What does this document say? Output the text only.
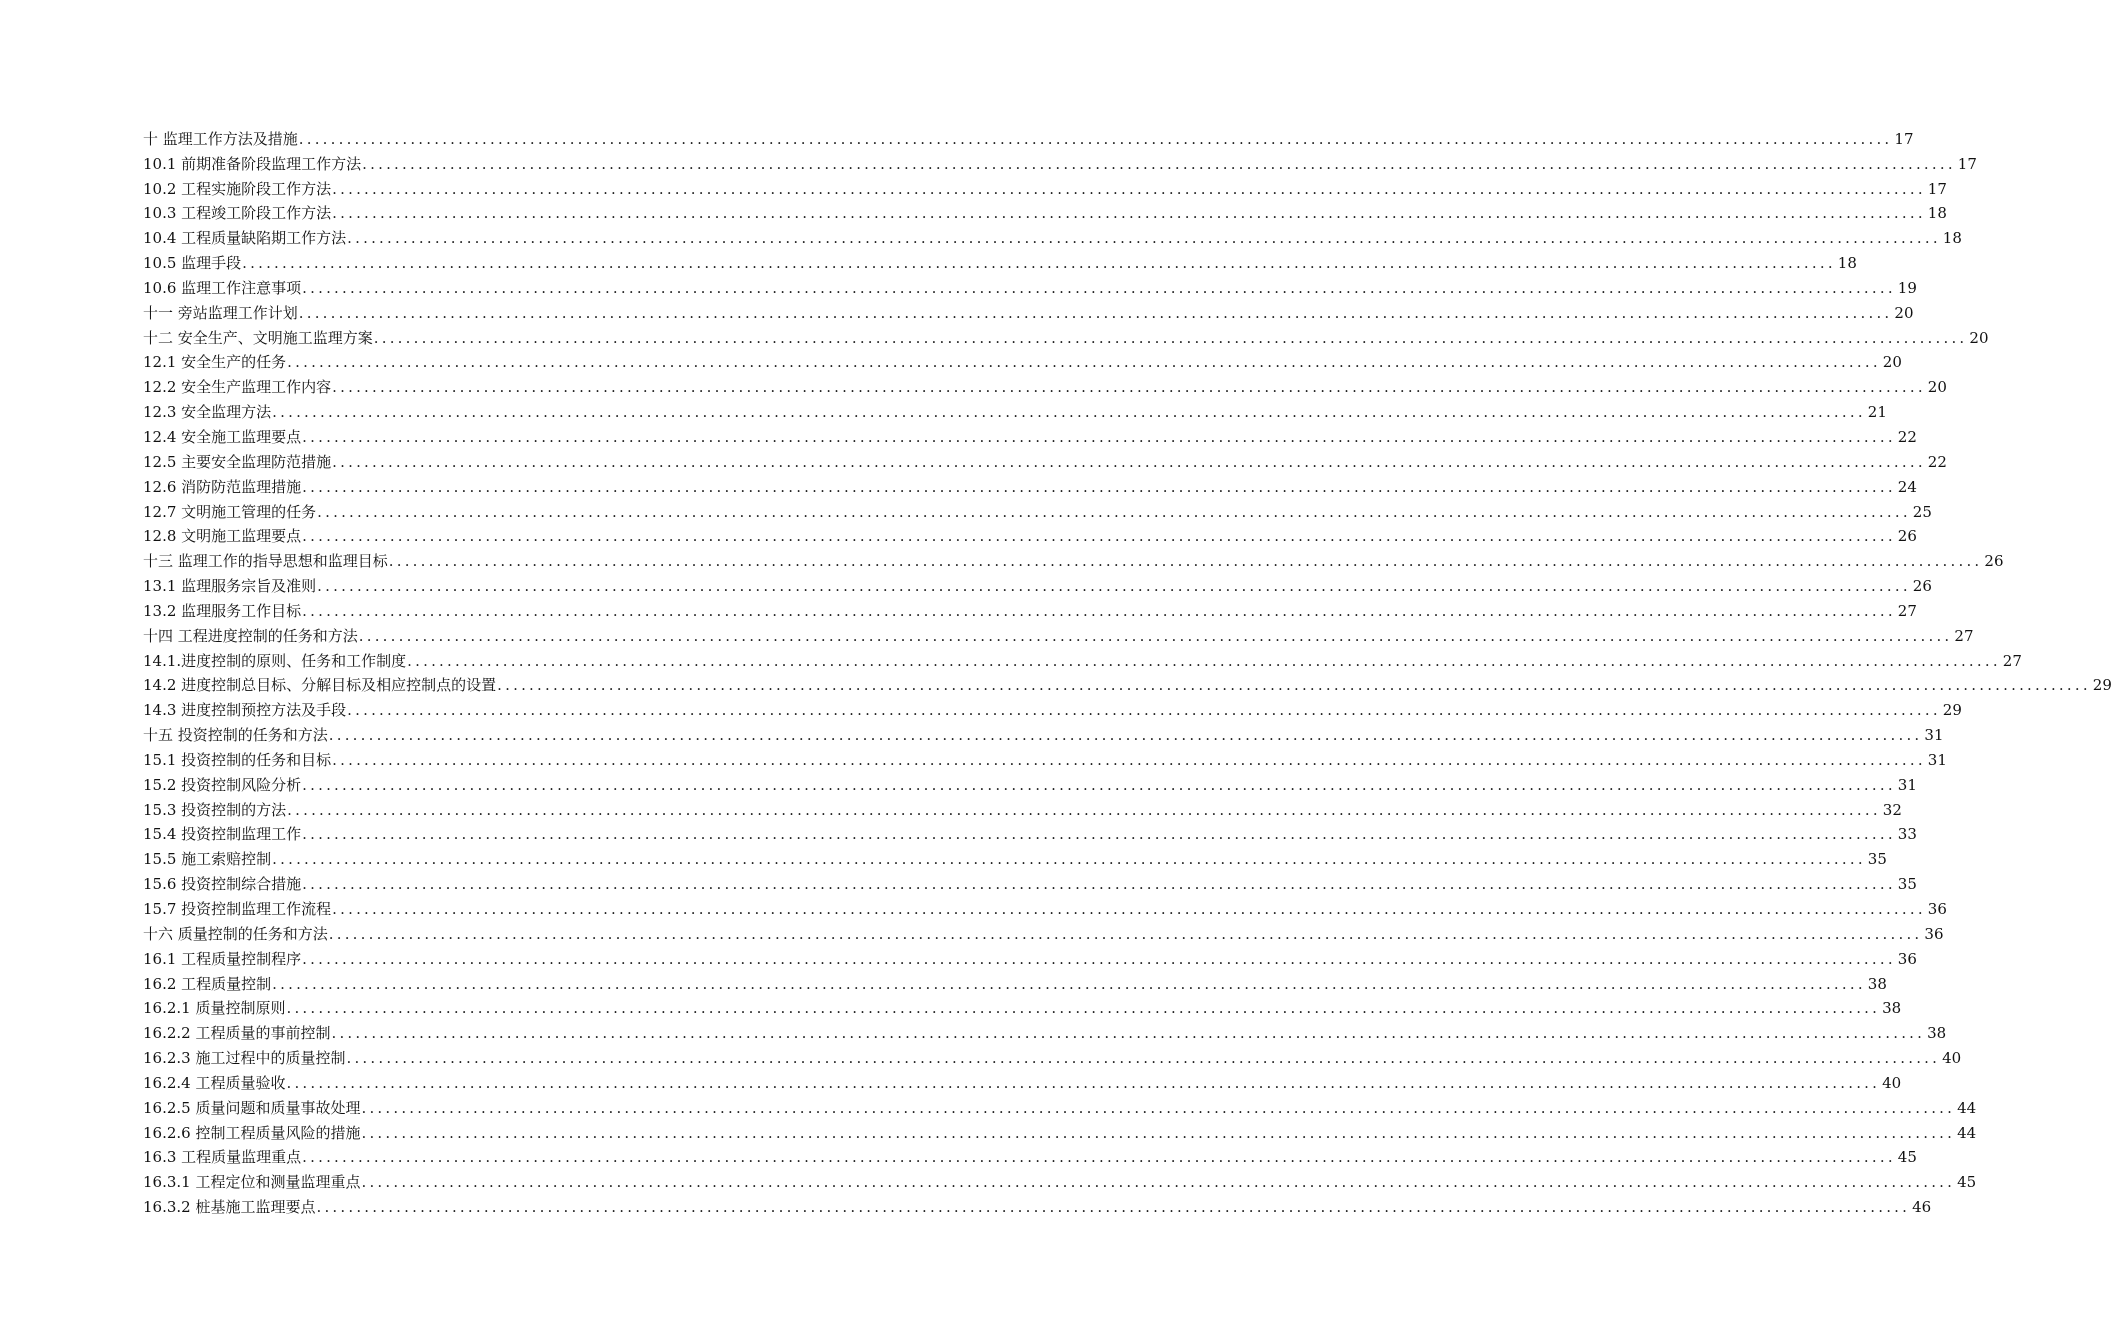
十 监理工作方法及措施 ........................................................................................................................................................................................................ 17
10.1 前期准备阶段监理工作方法 ........................................................................................................................................................................................................ 17
10.2 工程实施阶段工作方法 ........................................................................................................................................................................................................ 17
10.3 工程竣工阶段工作方法 ........................................................................................................................................................................................................ 18
10.4 工程质量缺陷期工作方法 ........................................................................................................................................................................................................ 18
10.5 监理手段 ........................................................................................................................................................................................................ 18
10.6 监理工作注意事项 ........................................................................................................................................................................................................ 19
十一 旁站监理工作计划 ........................................................................................................................................................................................................ 20
十二 安全生产、文明施工监理方案 ........................................................................................................................................................................................................ 20
12.1 安全生产的任务 ........................................................................................................................................................................................................ 20
12.2 安全生产监理工作内容 ........................................................................................................................................................................................................ 20
12.3 安全监理方法 ........................................................................................................................................................................................................ 21
12.4 安全施工监理要点 ........................................................................................................................................................................................................ 22
12.5 主要安全监理防范措施 ........................................................................................................................................................................................................ 22
12.6 消防防范监理措施 ........................................................................................................................................................................................................ 24
12.7 文明施工管理的任务 ........................................................................................................................................................................................................ 25
12.8 文明施工监理要点 ........................................................................................................................................................................................................ 26
十三 监理工作的指导思想和监理目标 ........................................................................................................................................................................................................ 26
13.1 监理服务宗旨及准则 ........................................................................................................................................................................................................ 26
13.2 监理服务工作目标 ........................................................................................................................................................................................................ 27
十四 工程进度控制的任务和方法 ........................................................................................................................................................................................................ 27
14.1.进度控制的原则、任务和工作制度 ........................................................................................................................................................................................................ 27
14.2 进度控制总目标、分解目标及相应控制点的设置 ........................................................................................................................................................................................................ 29
14.3 进度控制预控方法及手段 ........................................................................................................................................................................................................ 29
十五 投资控制的任务和方法 ........................................................................................................................................................................................................ 31
15.1 投资控制的任务和目标 ........................................................................................................................................................................................................ 31
15.2 投资控制风险分析 ........................................................................................................................................................................................................ 31
15.3 投资控制的方法 ........................................................................................................................................................................................................ 32
15.4 投资控制监理工作 ........................................................................................................................................................................................................ 33
15.5 施工索赔控制 ........................................................................................................................................................................................................ 35
15.6 投资控制综合措施 ........................................................................................................................................................................................................ 35
15.7 投资控制监理工作流程 ........................................................................................................................................................................................................ 36
十六 质量控制的任务和方法 ........................................................................................................................................................................................................ 36
16.1 工程质量控制程序 ........................................................................................................................................................................................................ 36
16.2 工程质量控制 ........................................................................................................................................................................................................ 38
16.2.1 质量控制原则 ........................................................................................................................................................................................................ 38
16.2.2 工程质量的事前控制 ........................................................................................................................................................................................................ 38
16.2.3 施工过程中的质量控制 ........................................................................................................................................................................................................ 40
16.2.4 工程质量验收 ........................................................................................................................................................................................................ 40
16.2.5 质量问题和质量事故处理 ........................................................................................................................................................................................................ 44
16.2.6 控制工程质量风险的措施 ........................................................................................................................................................................................................ 44
16.3 工程质量监理重点 ........................................................................................................................................................................................................ 45
16.3.1 工程定位和测量监理重点 ........................................................................................................................................................................................................ 45
16.3.2 桩基施工监理要点 ........................................................................................................................................................................................................ 46
